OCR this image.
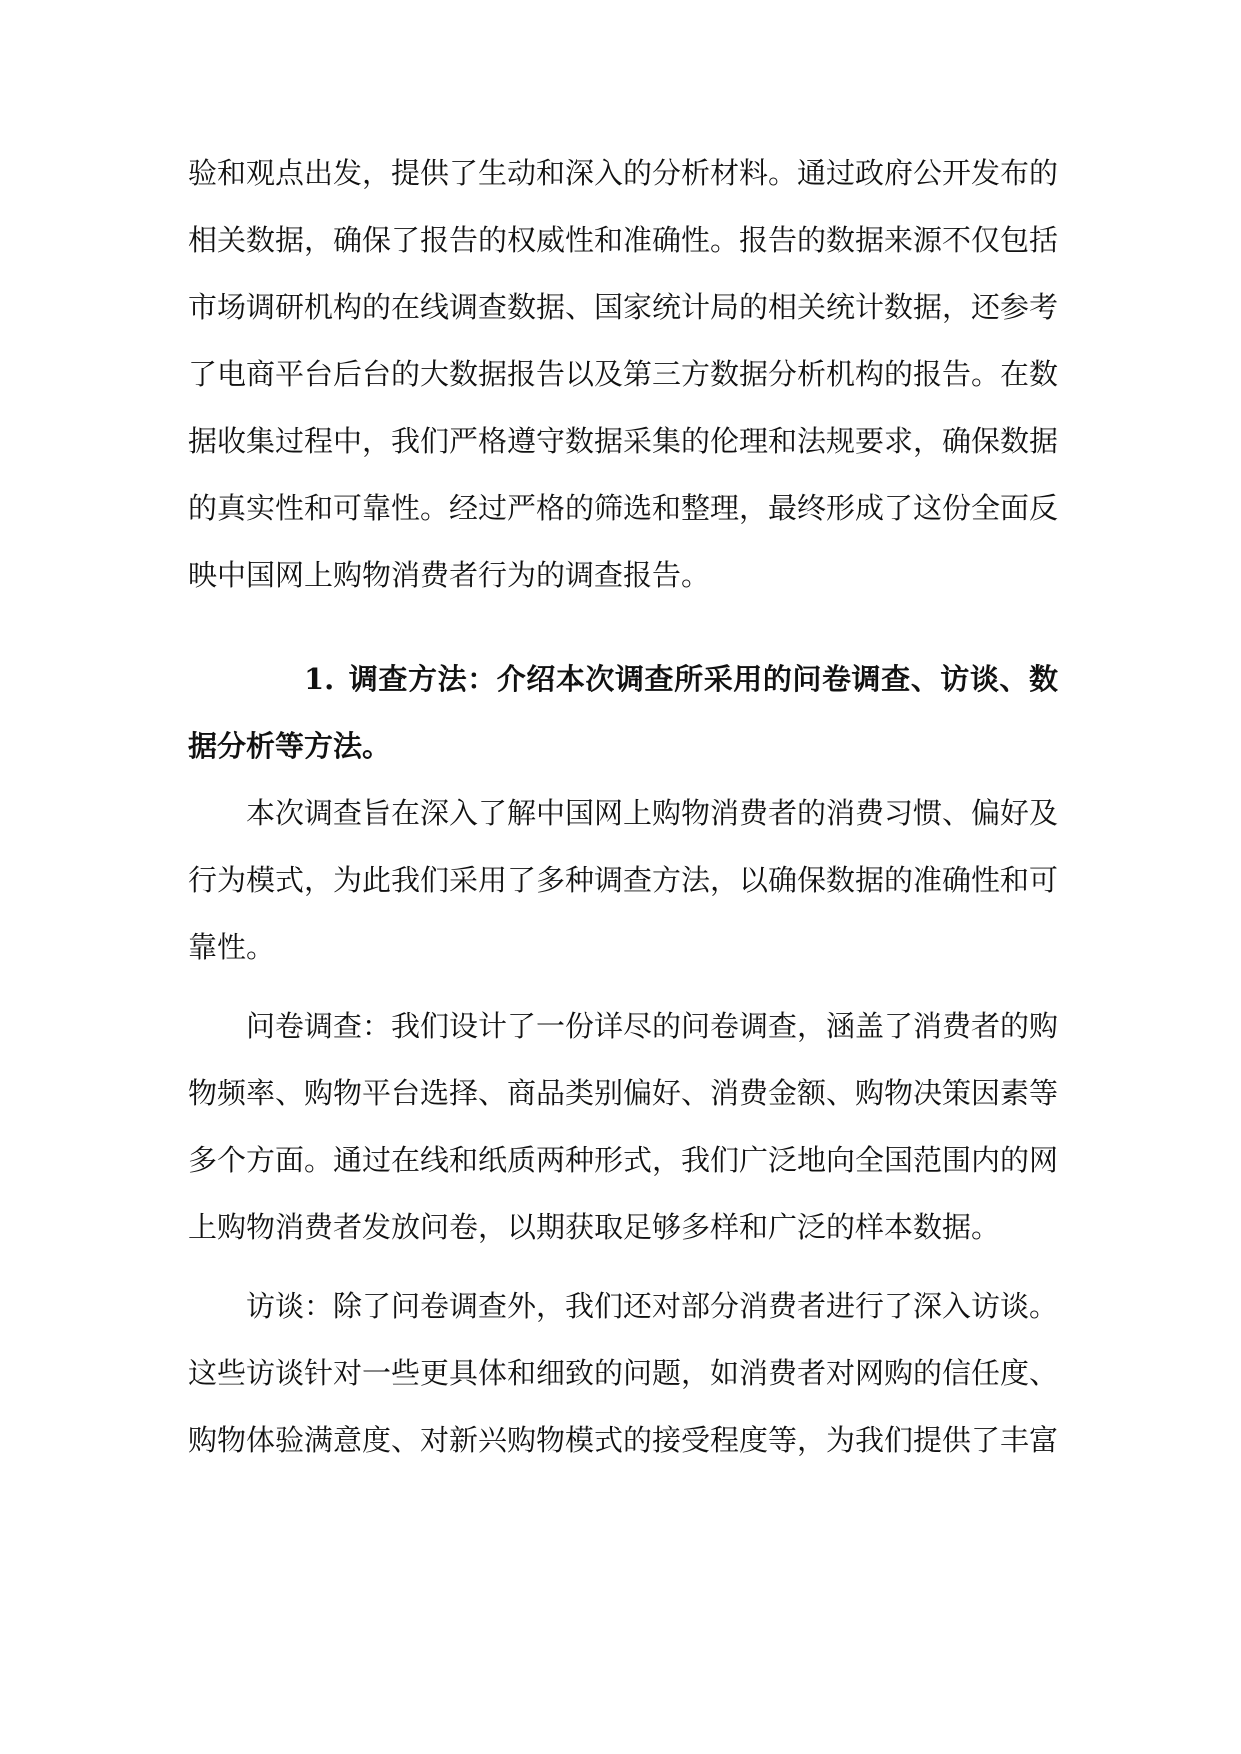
验和观点出发，提供了生动和深入的分析材料。通过政府公开发布的相关数据，确保了报告的权威性和准确性。报告的数据来源不仅包括市场调研机构的在线调查数据、国家统计局的相关统计数据，还参考了电商平台后台的大数据报告以及第三方数据分析机构的报告。在数据收集过程中，我们严格遵守数据采集的伦理和法规要求，确保数据的真实性和可靠性。经过严格的筛选和整理，最终形成了这份全面反映中国网上购物消费者行为的调查报告。

1. 调查方法：介绍本次调查所采用的问卷调查、访谈、数据分析等方法。

本次调查旨在深入了解中国网上购物消费者的消费习惯、偏好及行为模式，为此我们采用了多种调查方法，以确保数据的准确性和可靠性。

问卷调查：我们设计了一份详尽的问卷调查，涵盖了消费者的购物频率、购物平台选择、商品类别偏好、消费金额、购物决策因素等多个方面。通过在线和纸质两种形式，我们广泛地向全国范围内的网上购物消费者发放问卷，以期获取足够多样和广泛的样本数据。

访谈：除了问卷调查外，我们还对部分消费者进行了深入访谈。这些访谈针对一些更具体和细致的问题，如消费者对网购的信任度、购物体验满意度、对新兴购物模式的接受程度等，为我们提供了丰富
